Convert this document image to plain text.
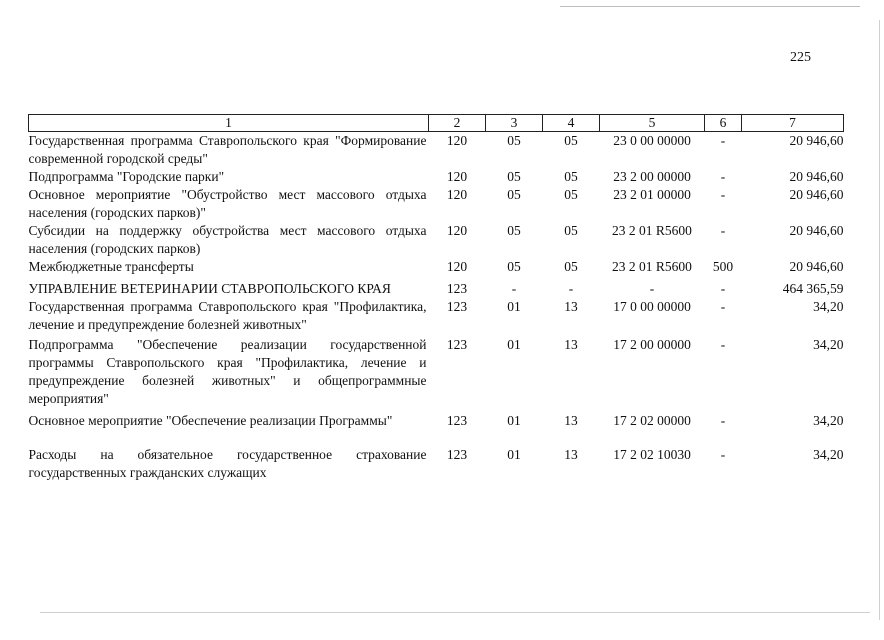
225
1	2	3	4	5	6	7
Государственная программа Ставропольского края "Формирование современной городской среды"	120	05	05	23 0 00 00000	-	20 946,60
Подпрограмма "Городские парки"	120	05	05	23 2 00 00000	-	20 946,60
Основное мероприятие "Обустройство мест массового отдыха населения (городских парков)"	120	05	05	23 2 01 00000	-	20 946,60
Субсидии на поддержку обустройства мест массового отдыха населения (городских парков)	120	05	05	23 2 01 R5600	-	20 946,60
Межбюджетные трансферты	120	05	05	23 2 01 R5600	500	20 946,60
УПРАВЛЕНИЕ ВЕТЕРИНАРИИ СТАВРОПОЛЬСКОГО КРАЯ	123	-	-	-	-	464 365,59
Государственная программа Ставропольского края "Профилактика, лечение и предупреждение болезней животных"	123	01	13	17 0 00 00000	-	34,20
Подпрограмма "Обеспечение реализации государственной программы Ставропольского края "Профилактика, лечение и предупреждение болезней животных" и общепрограммные мероприятия"	123	01	13	17 2 00 00000	-	34,20
Основное мероприятие "Обеспечение реализации Программы"	123	01	13	17 2 02 00000	-	34,20
Расходы на обязательное государственное страхование государственных гражданских служащих	123	01	13	17 2 02 10030	-	34,20
